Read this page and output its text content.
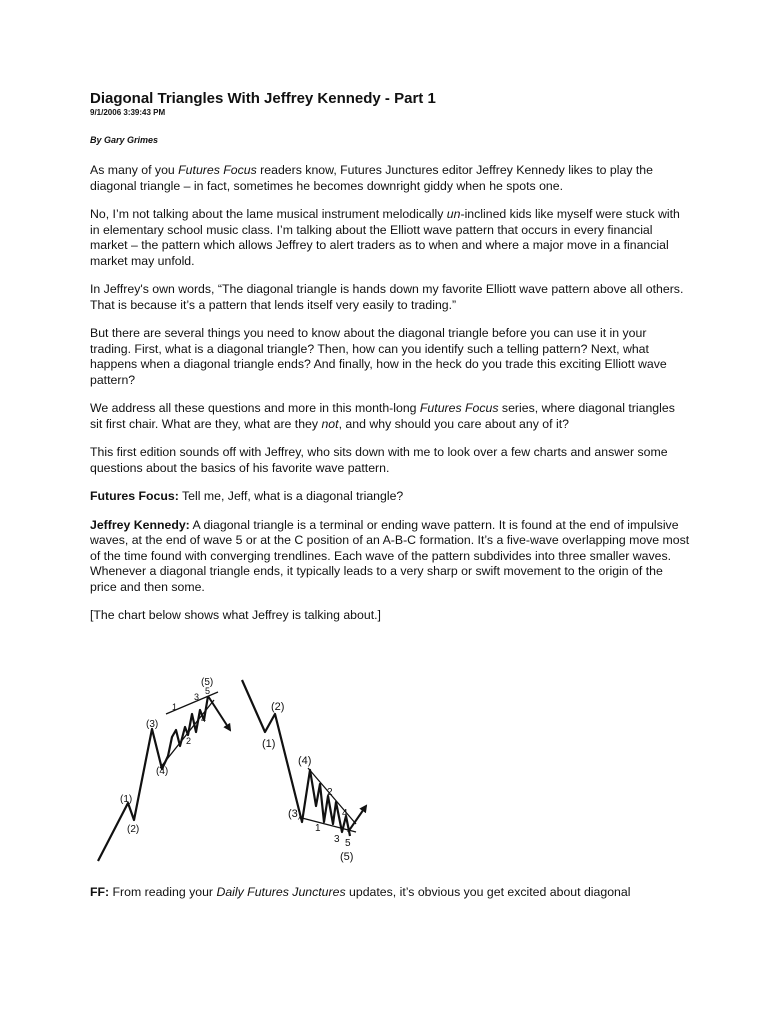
Diagonal Triangles With Jeffrey Kennedy - Part 1
9/1/2006 3:39:43 PM
By Gary Grimes

As many of you Futures Focus readers know, Futures Junctures editor Jeffrey Kennedy likes to play the diagonal triangle – in fact, sometimes he becomes downright giddy when he spots one.

No, I’m not talking about the lame musical instrument melodically un-inclined kids like myself were stuck with in elementary school music class. I’m talking about the Elliott wave pattern that occurs in every financial market – the pattern which allows Jeffrey to alert traders as to when and where a major move in a financial market may unfold.

In Jeffrey's own words, “The diagonal triangle is hands down my favorite Elliott wave pattern above all others. That is because it’s a pattern that lends itself very easily to trading.”

But there are several things you need to know about the diagonal triangle before you can use it in your trading. First, what is a diagonal triangle? Then, how can you identify such a telling pattern? Next, what happens when a diagonal triangle ends? And finally, how in the heck do you trade this exciting Elliott wave pattern?

We address all these questions and more in this month-long Futures Focus series, where diagonal triangles sit first chair. What are they, what are they not, and why should you care about any of it?

This first edition sounds off with Jeffrey, who sits down with me to look over a few charts and answer some questions about the basics of his favorite wave pattern.

Futures Focus: Tell me, Jeff, what is a diagonal triangle?

Jeffrey Kennedy: A diagonal triangle is a terminal or ending wave pattern. It is found at the end of impulsive waves, at the end of wave 5 or at the C position of an A-B-C formation. It’s a five-wave overlapping move most of the time found with converging trendlines. Each wave of the pattern subdivides into three smaller waves. Whenever a diagonal triangle ends, it typically leads to a very sharp or swift movement to the origin of the price and then some.

[The chart below shows what Jeffrey is talking about.]

(1)
(2)
(3)
(4)
(5)
1
2
3
4
5
(1)
(2)
(3)
(4)
(5)
1
2
3
4
5

FF: From reading your Daily Futures Junctures updates, it’s obvious you get excited about diagonal
